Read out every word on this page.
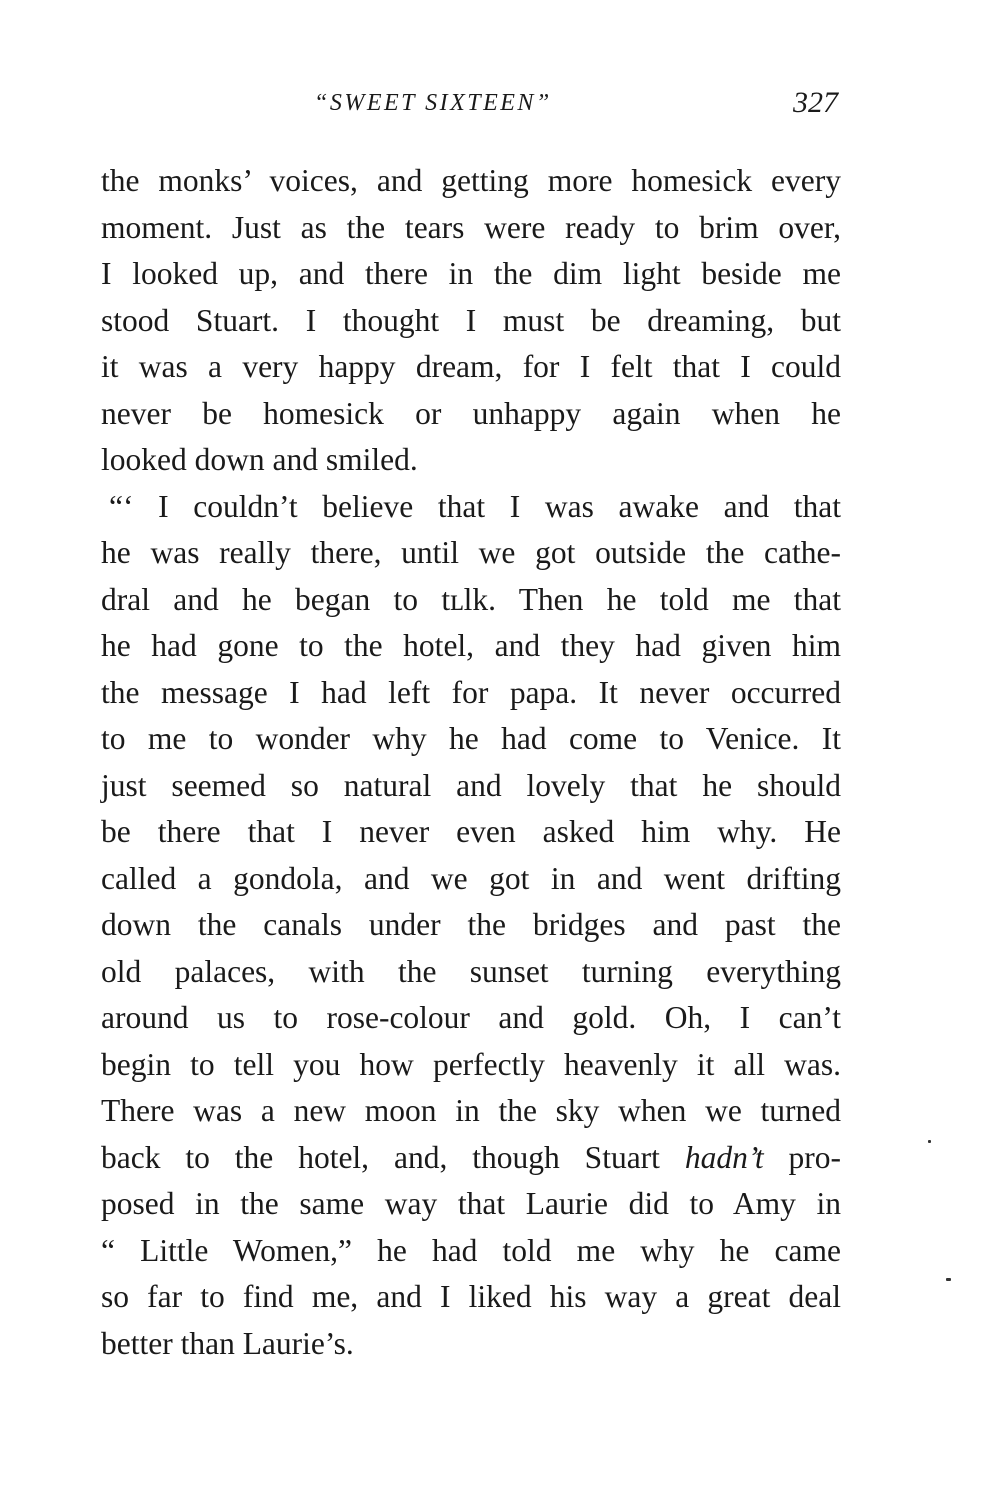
“SWEET SIXTEEN”	327
the monks’ voices, and getting more homesick every
moment. Just as the tears were ready to brim over,
I looked up, and there in the dim light beside me
stood Stuart. I thought I must be dreaming, but
it was a very happy dream, for I felt that I could
never be homesick or unhappy again when he
looked down and smiled.
“‘ I couldn’t believe that I was awake and that
he was really there, until we got outside the cathe-
dral and he began to tʟlk. Then he told me that
he had gone to the hotel, and they had given him
the message I had left for papa. It never occurred
to me to wonder why he had come to Venice. It
just seemed so natural and lovely that he should
be there that I never even asked him why. He
called a gondola, and we got in and went drifting
down the canals under the bridges and past the
old palaces, with the sunset turning everything
around us to rose-colour and gold. Oh, I can’t
begin to tell you how perfectly heavenly it all was.
There was a new moon in the sky when we turned
back to the hotel, and, though Stuart hadn’t pro-
posed in the same way that Laurie did to Amy in
“ Little Women,” he had told me why he came
so far to find me, and I liked his way a great deal
better than Laurie’s.
